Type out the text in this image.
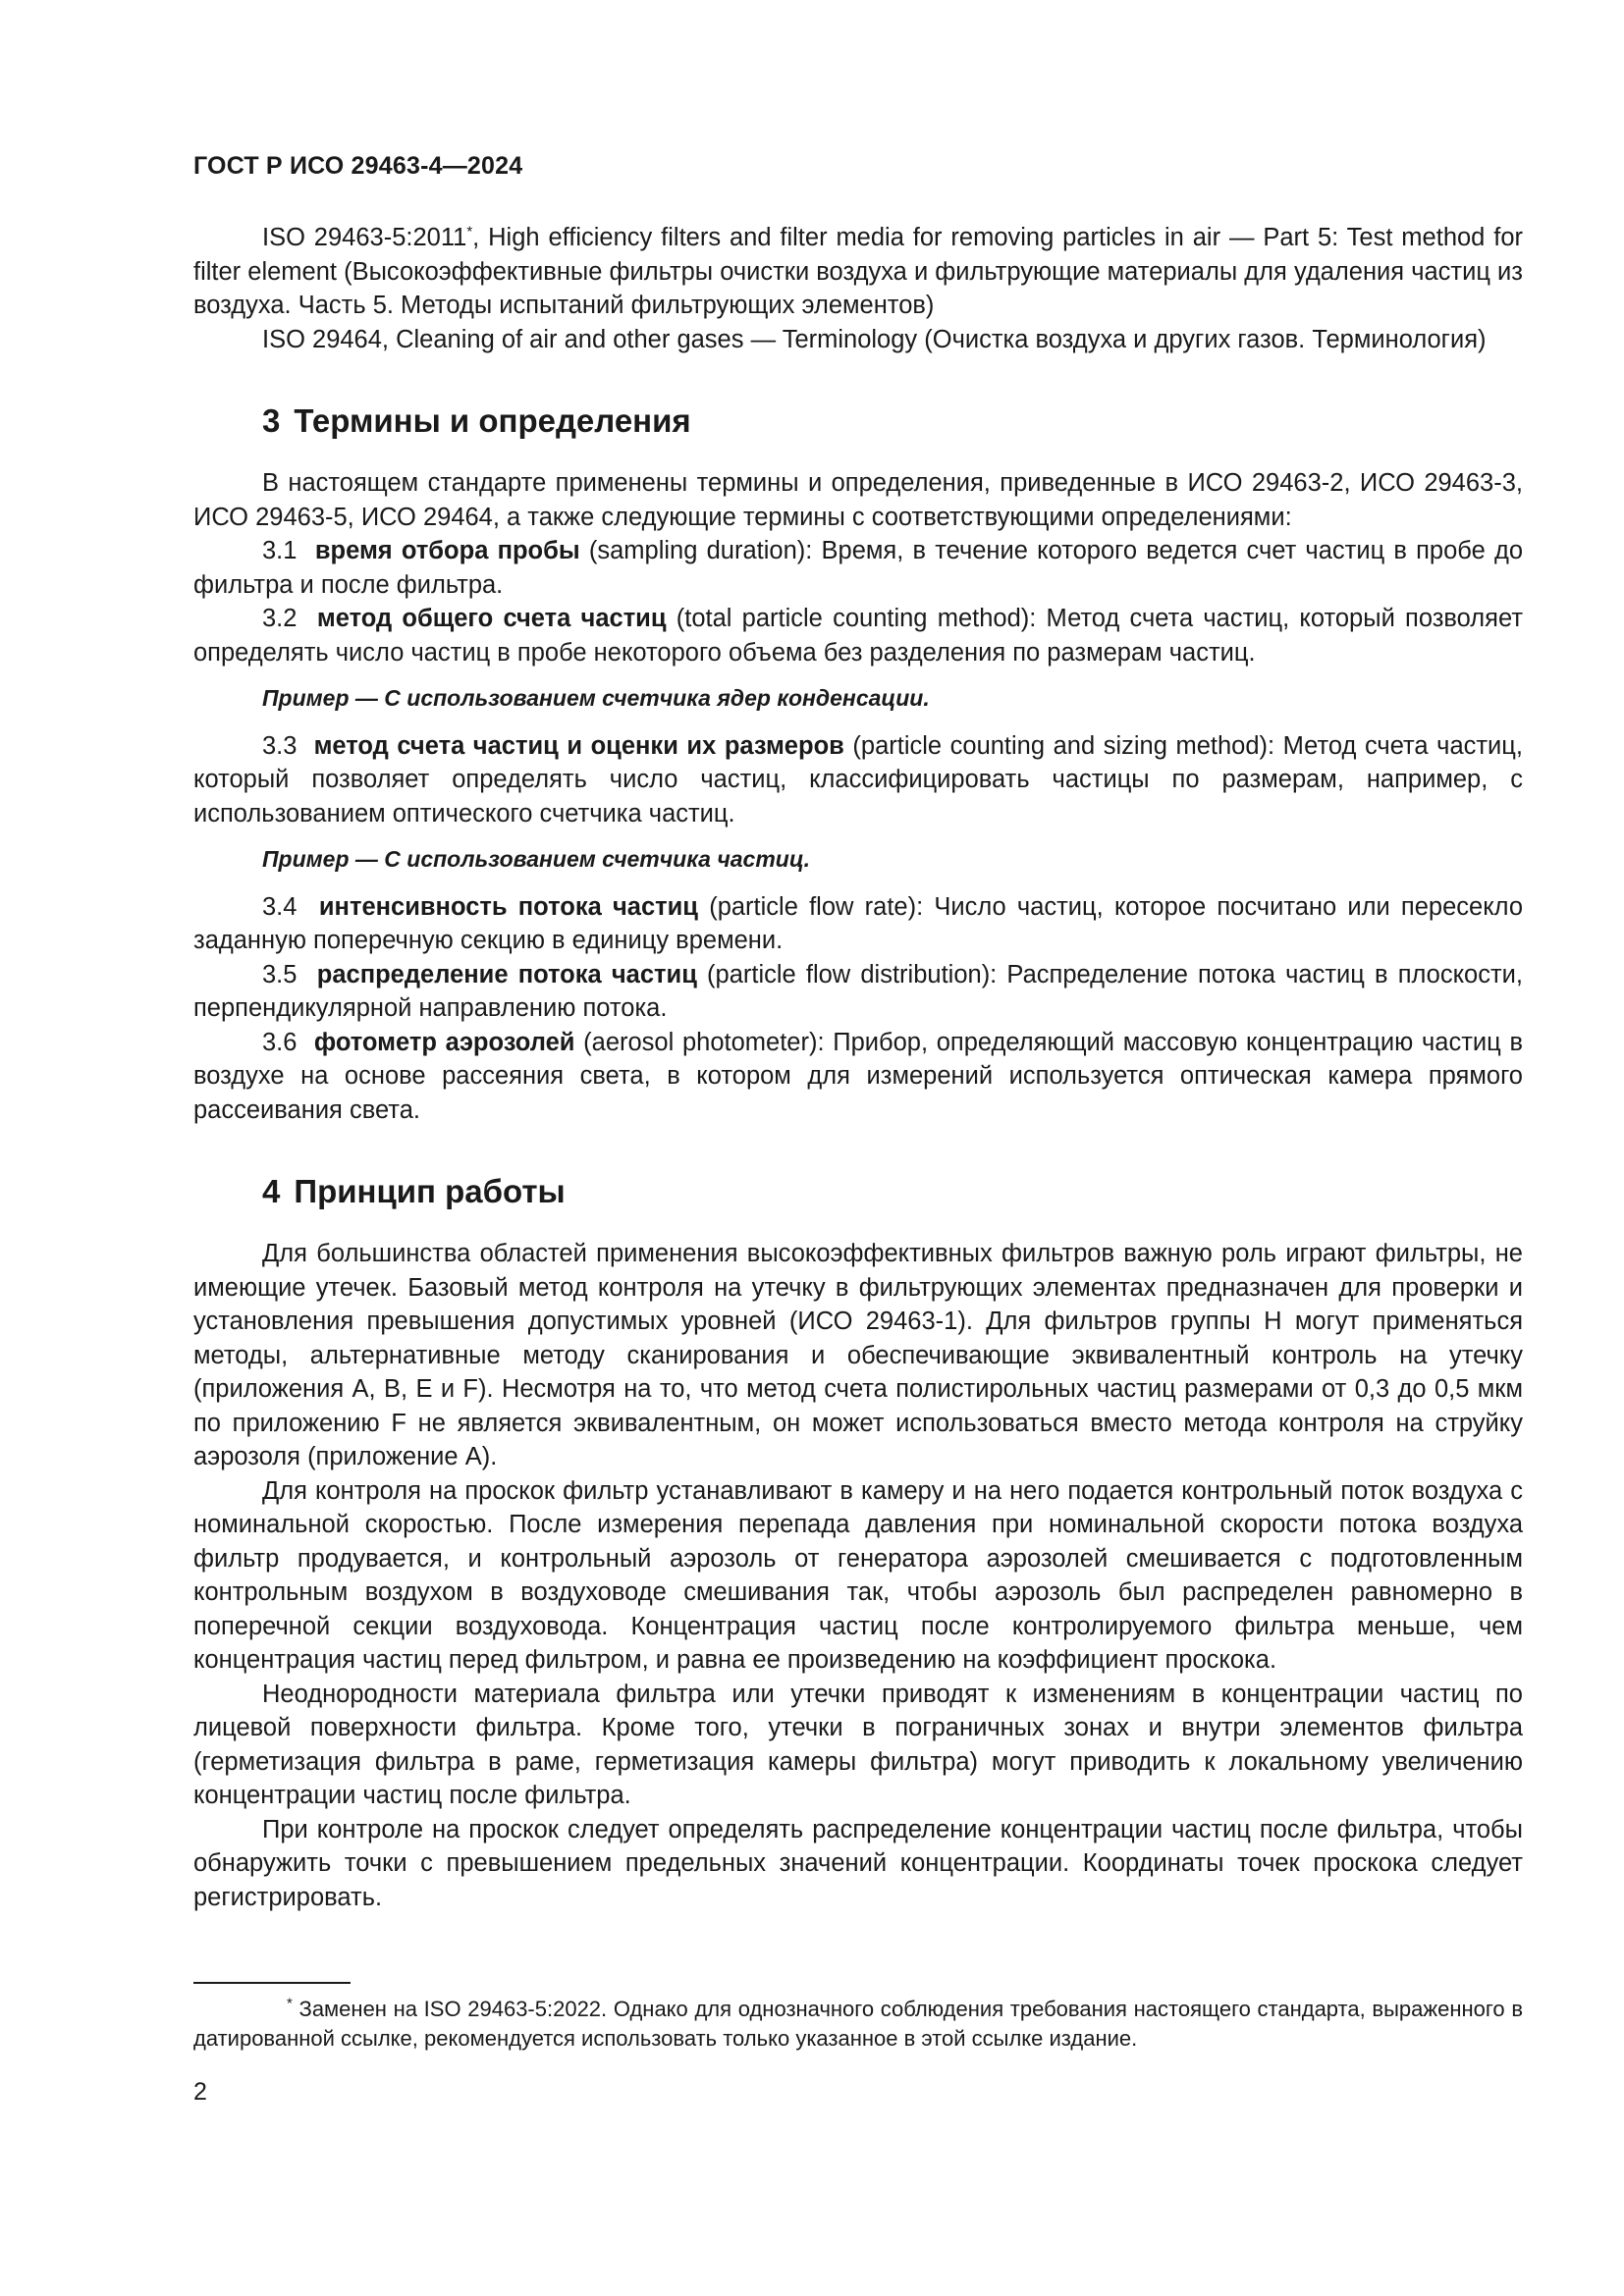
ГОСТ Р ИСО 29463-4—2024

ISO 29463-5:2011*, High efficiency filters and filter media for removing particles in air — Part 5: Test method for filter element (Высокоэффективные фильтры очистки воздуха и фильтрующие материалы для удаления частиц из воздуха. Часть 5. Методы испытаний фильтрующих элементов)

ISO 29464, Cleaning of air and other gases — Terminology (Очистка воздуха и других газов. Терминология)

3 Термины и определения

В настоящем стандарте применены термины и определения, приведенные в ИСО 29463-2, ИСО 29463-3, ИСО 29463-5, ИСО 29464, а также следующие термины с соответствующими определениями:

3.1 время отбора пробы (sampling duration): Время, в течение которого ведется счет частиц в пробе до фильтра и после фильтра.

3.2 метод общего счета частиц (total particle counting method): Метод счета частиц, который позволяет определять число частиц в пробе некоторого объема без разделения по размерам частиц.

Пример — С использованием счетчика ядер конденсации.

3.3 метод счета частиц и оценки их размеров (particle counting and sizing method): Метод счета частиц, который позволяет определять число частиц, классифицировать частицы по размерам, например, с использованием оптического счетчика частиц.

Пример — С использованием счетчика частиц.

3.4 интенсивность потока частиц (particle flow rate): Число частиц, которое посчитано или пересекло заданную поперечную секцию в единицу времени.

3.5 распределение потока частиц (particle flow distribution): Распределение потока частиц в плоскости, перпендикулярной направлению потока.

3.6 фотометр аэрозолей (aerosol photometer): Прибор, определяющий массовую концентрацию частиц в воздухе на основе рассеяния света, в котором для измерений используется оптическая камера прямого рассеивания света.

4 Принцип работы

Для большинства областей применения высокоэффективных фильтров важную роль играют фильтры, не имеющие утечек. Базовый метод контроля на утечку в фильтрующих элементах предназначен для проверки и установления превышения допустимых уровней (ИСО 29463-1). Для фильтров группы Н могут применяться методы, альтернативные методу сканирования и обеспечивающие эквивалентный контроль на утечку (приложения А, В, Е и F). Несмотря на то, что метод счета полистирольных частиц размерами от 0,3 до 0,5 мкм по приложению F не является эквивалентным, он может использоваться вместо метода контроля на струйку аэрозоля (приложение А).

Для контроля на проскок фильтр устанавливают в камеру и на него подается контрольный поток воздуха с номинальной скоростью. После измерения перепада давления при номинальной скорости потока воздуха фильтр продувается, и контрольный аэрозоль от генератора аэрозолей смешивается с подготовленным контрольным воздухом в воздуховоде смешивания так, чтобы аэрозоль был распределен равномерно в поперечной секции воздуховода. Концентрация частиц после контролируемого фильтра меньше, чем концентрация частиц перед фильтром, и равна ее произведению на коэффициент проскока.

Неоднородности материала фильтра или утечки приводят к изменениям в концентрации частиц по лицевой поверхности фильтра. Кроме того, утечки в пограничных зонах и внутри элементов фильтра (герметизация фильтра в раме, герметизация камеры фильтра) могут приводить к локальному увеличению концентрации частиц после фильтра.

При контроле на проскок следует определять распределение концентрации частиц после фильтра, чтобы обнаружить точки с превышением предельных значений концентрации. Координаты точек проскока следует регистрировать.

* Заменен на ISO 29463-5:2022. Однако для однозначного соблюдения требования настоящего стандарта, выраженного в датированной ссылке, рекомендуется использовать только указанное в этой ссылке издание.

2
